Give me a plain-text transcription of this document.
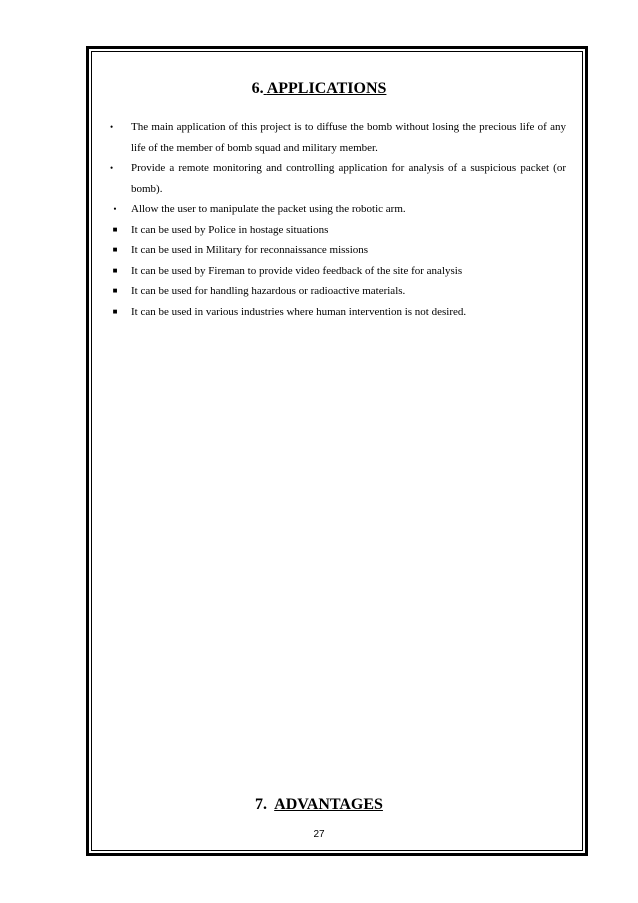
6. APPLICATIONS
•	The main application of this project is to diffuse the bomb without losing the precious life of any life of the member of bomb squad and military member.
•	Provide a remote monitoring and controlling application for analysis of a suspicious packet (or bomb).
•	Allow the user to manipulate the packet using the robotic arm.
■ It can be used by Police in hostage situations
■ It can be used in Military for reconnaissance missions
■ It can be used by Fireman to provide video feedback of the site for analysis
■ It can be used for handling hazardous or radioactive materials.
■ It can be used in various industries where human intervention is not desired.
7. ADVANTAGES
27
